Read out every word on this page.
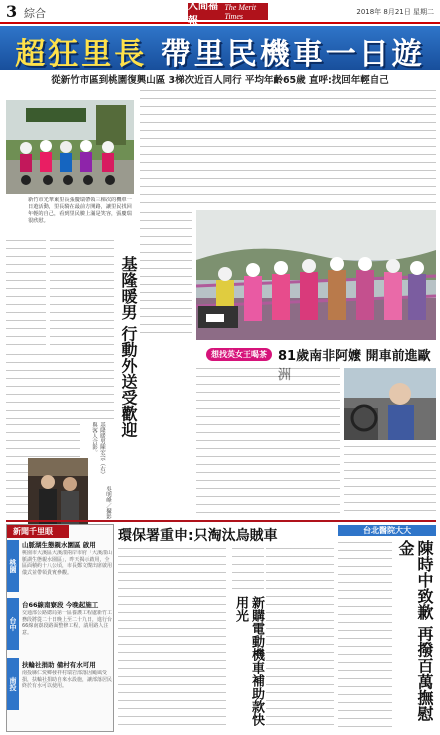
3 綜合
人間福報
The Merit Times	2018年 8月21日 星期二
超狂里長 帶里民機車一日遊
從新竹市區到桃園復興山區 3梯次近百人同行 平均年齡65歲 直呼:找回年輕自己
新竹市光華東里長張慶瑞帶領三梯次的機車一日遊活動，里長騎在最前方開路，讓里民找回年輕的自己，看到里民臉上滿是笑容，張慶瑞很欣慰。
基隆暖男 行動外送受歡迎
基隆暖男陳宏宗（右）與客人合影。
吳明峰／攝影
想找英女王喝茶 81歲南非阿嬤 開車前進歐
新聞千里眼
桃園
台中
南投
山脈湖生態親水園區 啟用
桃園市大溪區大溪漾兩岸市府「大溪漾山脈湖生態親水園區」，昨天揭示啟用，全區面積約十八公頃，市長鄭文燦出席啟用儀式並帶領貴賓參觀。
台66線南寮段 今晚起施工
交通部公路總局第一區養護工程處新竹工務段將從二十日晚上至二十九日，進行台66線南寮段路面整修工程，請用路人注意。
扶輪社捐助 備村有水可用
南投縣仁愛鄉發祥村瑞岩部落因颱風受損，扶輪社捐助自來水設施，讓部落居民終於有水可以使用。
環保署重申:只淘汰烏賊車
新購電動機車補助款快用光
台北醫院大大
陳時中致歉 再撥百萬撫慰金
